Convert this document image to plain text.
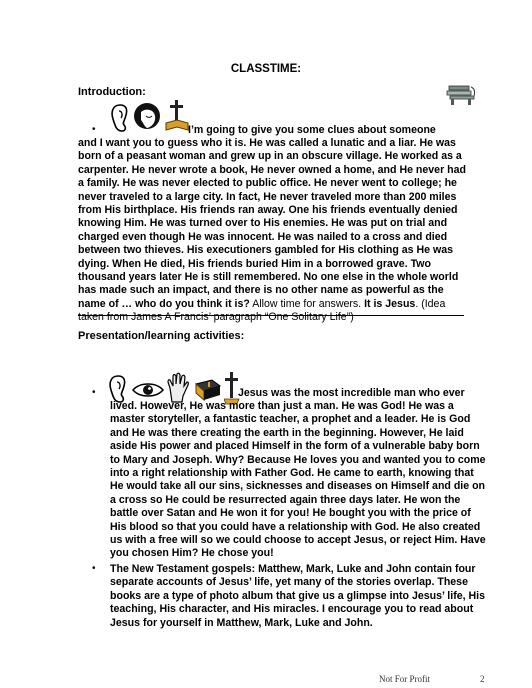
CLASSTIME:
Introduction:
•	I’m going to give you some clues about someone
and I want you to guess who it is. He was called a lunatic and a liar. He was born of a peasant woman and grew up in an obscure village. He worked as a carpenter. He never wrote a book, He never owned a home, and He never had a family. He was never elected to public office. He never went to college; he never traveled to a large city. In fact, He never traveled more than 200 miles from His birthplace. His friends ran away. One his friends eventually denied knowing Him. He was turned over to His enemies. He was put on trial and charged even though He was innocent. He was nailed to a cross and died between two thieves. His executioners gambled for His clothing as He was dying. When He died, His friends buried Him in a borrowed grave. Two thousand years later He is still remembered. No one else in the whole world has made such an impact, and there is no other name as powerful as the name of … who do you think it is? Allow time for answers. It is Jesus. (Idea taken from James A Francis’ paragraph “One Solitary Life”)
Presentation/learning activities:
•	Jesus was the most incredible man who ever
lived. However, He was more than just a man. He was God! He was a master storyteller, a fantastic teacher, a prophet and a leader. He is God and He was there creating the earth in the beginning. However, He laid aside His power and placed Himself in the form of a vulnerable baby born to Mary and Joseph. Why? Because He loves you and wanted you to come into a right relationship with Father God. He came to earth, knowing that He would take all our sins, sicknesses and diseases on Himself and die on a cross so He could be resurrected again three days later. He won the battle over Satan and He won it for you! He bought you with the price of His blood so that you could have a relationship with God. He also created us with a free will so we could choose to accept Jesus, or reject Him. Have you chosen Him? He chose you!
• The New Testament gospels: Matthew, Mark, Luke and John contain four separate accounts of Jesus’ life, yet many of the stories overlap. These books are a type of photo album that give us a glimpse into Jesus’ life, His teaching, His character, and His miracles. I encourage you to read about Jesus for yourself in Matthew, Mark, Luke and John.
Not For Profit	2
